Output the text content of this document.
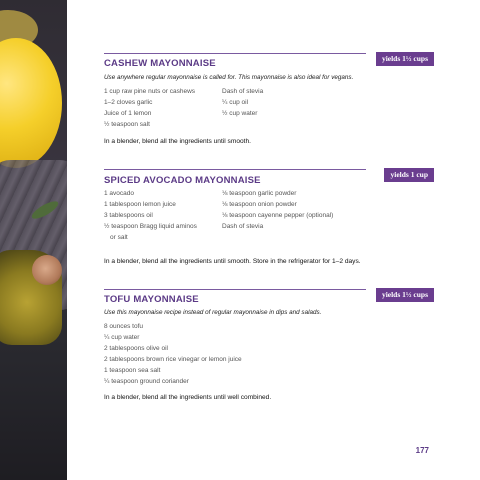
yields 1½ cups
CASHEW MAYONNAISE
Use anywhere regular mayonnaise is called for. This mayonnaise is also ideal for vegans.
1 cup raw pine nuts or cashews
1–2 cloves garlic
Juice of 1 lemon
½ teaspoon salt
Dash of stevia
¼ cup oil
½ cup water
In a blender, blend all the ingredients until smooth.
yields 1 cup
SPICED AVOCADO MAYONNAISE
1 avocado
1 tablespoon lemon juice
3 tablespoons oil
½ teaspoon Bragg liquid aminos
or salt
⅛ teaspoon garlic powder
⅛ teaspoon onion powder
⅛ teaspoon cayenne pepper (optional)
Dash of stevia
In a blender, blend all the ingredients until smooth. Store in the refrigerator for 1–2 days.
yields 1½ cups
TOFU MAYONNAISE
Use this mayonnaise recipe instead of regular mayonnaise in dips and salads.
8 ounces tofu
¼ cup water
2 tablespoons olive oil
2 tablespoons brown rice vinegar or lemon juice
1 teaspoon sea salt
¼ teaspoon ground coriander
In a blender, blend all the ingredients until well combined.
177
